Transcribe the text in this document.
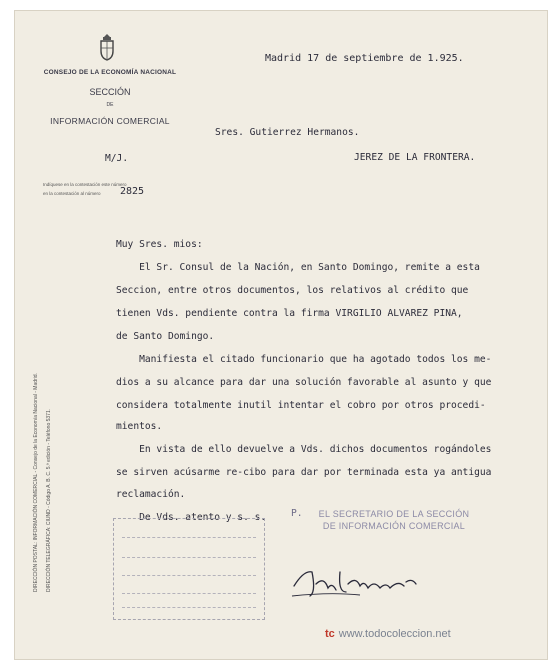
CONSEJO DE LA ECONOMÍA NACIONAL
SECCIÓN
DE
INFORMACIÓN COMERCIAL
M/J.
Indíquese en la contestación este número
en la contestación al número 2825
Madrid 17 de septiembre de 1.925.
Sres. Gutierrez Hermanos.
JEREZ DE LA FRONTERA.
DIRECCIÓN POSTAL: INFORMACIÓN COMERCIAL - Consejo de la Economía Nacional - Madrid. DIRECCIÓN TELEGRÁFICA: CIUND - Código A. B. C. 5.ª edición - Teléfono 5371.
Muy Sres. mios:
El Sr. Consul de la Nación, en Santo Domingo, remite a esta
Seccion, entre otros documentos, los relativos al crédito que
tienen Vds. pendiente contra la firma VIRGILIO ALVAREZ PINA,
de Santo Domingo.
Manifiesta el citado funcionario que ha agotado todos los me-
dios a su alcance para dar una solución favorable al asunto y que
considera totalmente inutil intentar el cobro por otros procedi-
mientos.
En vista de ello devuelve a Vds. dichos documentos rogándoles
se sirven acúsarme re-cibo para dar por terminada esta ya antigua
reclamación.
De Vds. atento y s. s.	P.	EL SECRETARIO DE LA SECCIÓN
DE INFORMACIÓN COMERCIAL
tc www.todocoleccion.net
